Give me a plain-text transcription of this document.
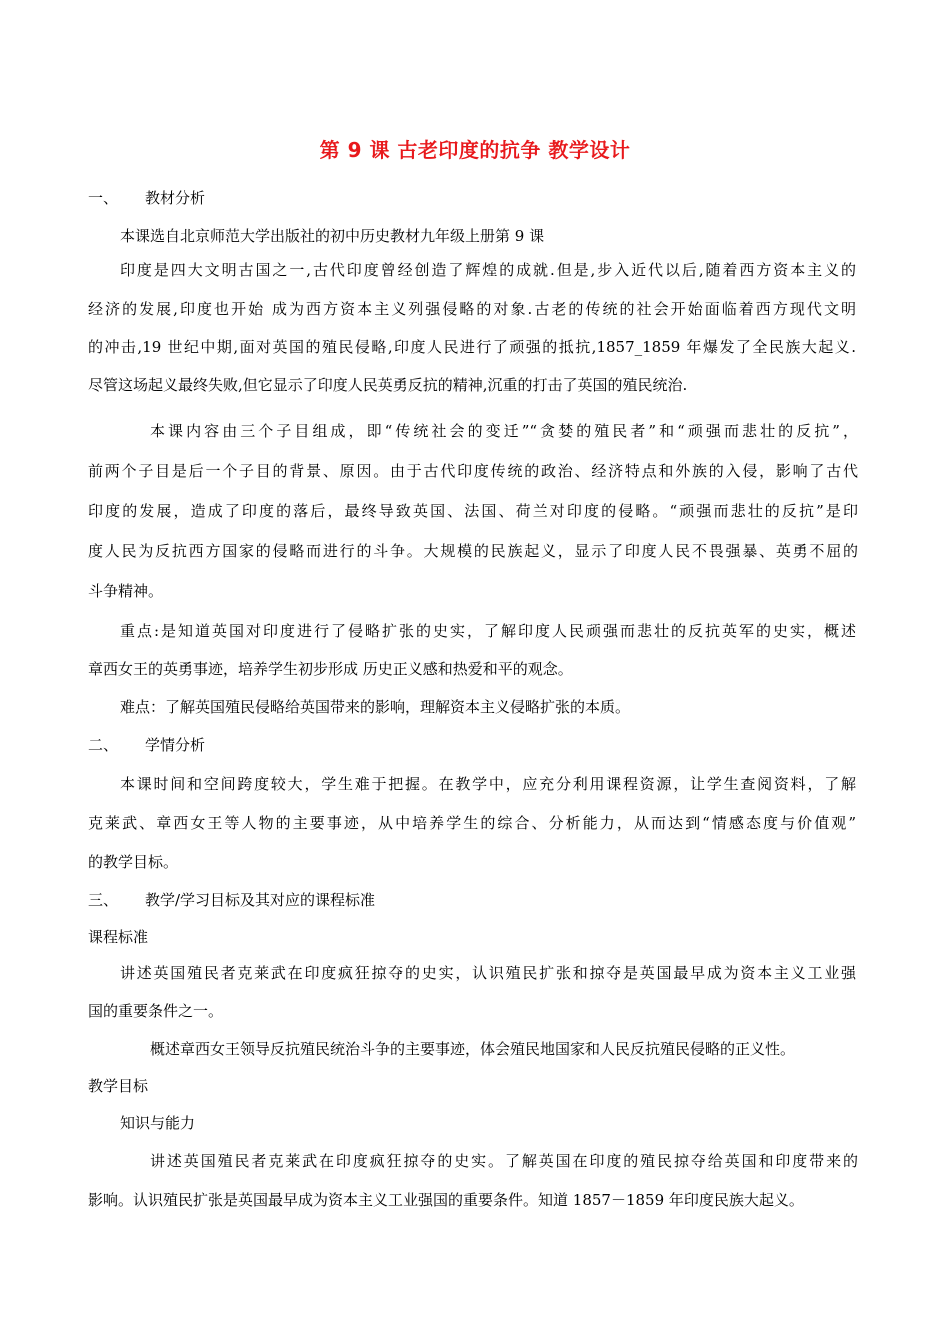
第 9 课 古老印度的抗争 教学设计
一、 教材分析
本课选自北京师范大学出版社的初中历史教材九年级上册第 9 课
印度是四大文明古国之一,古代印度曾经创造了辉煌的成就.但是,步入近代以后,随着西方资本主义的
经济的发展,印度也开始 成为西方资本主义列强侵略的对象.古老的传统的社会开始面临着西方现代文明
的冲击,19 世纪中期,面对英国的殖民侵略,印度人民进行了顽强的抵抗,1857_1859 年爆发了全民族大起义.
尽管这场起义最终失败,但它显示了印度人民英勇反抗的精神,沉重的打击了英国的殖民统治.
本课内容由三个子目组成，即“传统社会的变迁”“贪婪的殖民者”和“顽强而悲壮的反抗”，
前两个子目是后一个子目的背景、原因。由于古代印度传统的政治、经济特点和外族的入侵，影响了古代
印度的发展，造成了印度的落后，最终导致英国、法国、荷兰对印度的侵略。“顽强而悲壮的反抗”是印
度人民为反抗西方国家的侵略而进行的斗争。大规模的民族起义，显示了印度人民不畏强暴、英勇不屈的
斗争精神。
重点:是知道英国对印度进行了侵略扩张的史实，了解印度人民顽强而悲壮的反抗英军的史实，概述
章西女王的英勇事迹，培养学生初步形成 历史正义感和热爱和平的观念。
难点：了解英国殖民侵略给英国带来的影响，理解资本主义侵略扩张的本质。
二、 学情分析
本课时间和空间跨度较大，学生难于把握。在教学中，应充分利用课程资源，让学生查阅资料，了解
克莱武、章西女王等人物的主要事迹，从中培养学生的综合、分析能力，从而达到“情感态度与价值观”
的教学目标。
三、 教学/学习目标及其对应的课程标准
课程标准
讲述英国殖民者克莱武在印度疯狂掠夺的史实，认识殖民扩张和掠夺是英国最早成为资本主义工业强
国的重要条件之一。
概述章西女王领导反抗殖民统治斗争的主要事迹，体会殖民地国家和人民反抗殖民侵略的正义性。
教学目标
知识与能力
讲述英国殖民者克莱武在印度疯狂掠夺的史实。了解英国在印度的殖民掠夺给英国和印度带来的
影响。认识殖民扩张是英国最早成为资本主义工业强国的重要条件。知道 1857－1859 年印度民族大起义。
